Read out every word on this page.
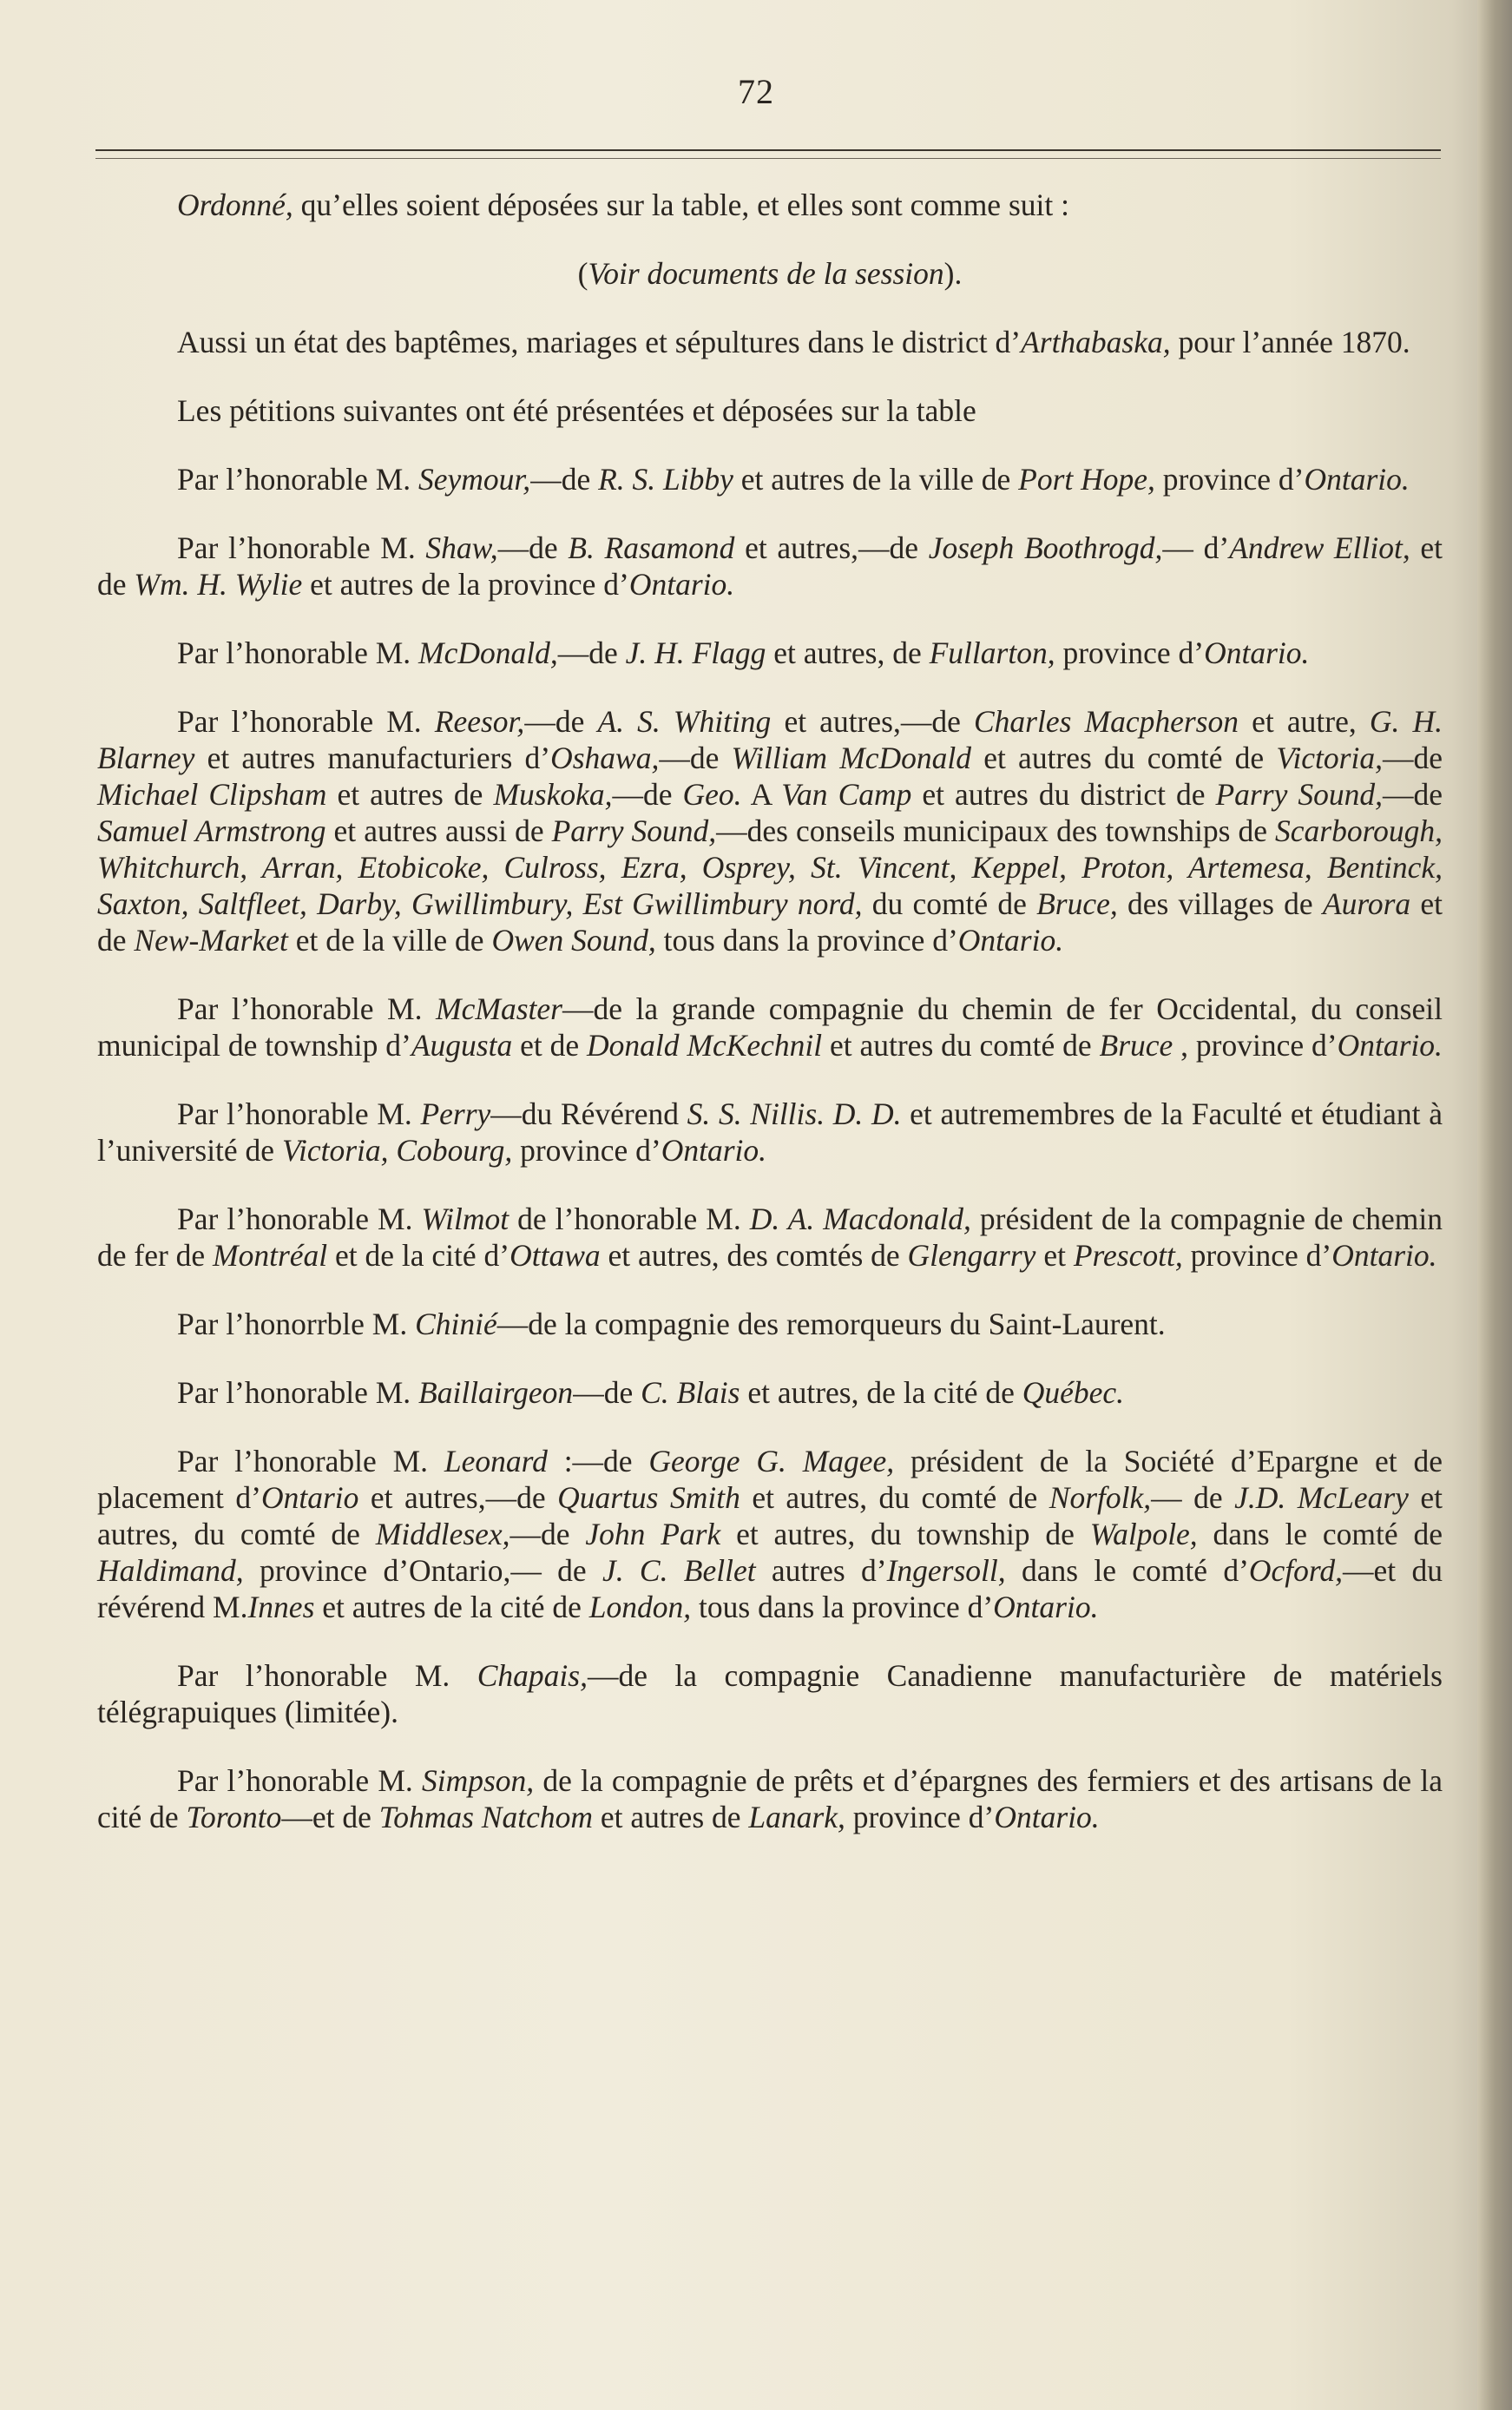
72

Ordonné, qu’elles soient déposées sur la table, et elles sont comme suit :

(Voir documents de la session).

Aussi un état des baptêmes, mariages et sépultures dans le district d’Arthabaska, pour l’année 1870.

Les pétitions suivantes ont été présentées et déposées sur la table

Par l’honorable M. Seymour,—de R. S. Libby et autres de la ville de Port Hope, province d’Ontario.

Par l’honorable M. Shaw,—de B. Rasamond et autres,—de Joseph Boothrogd,— d’Andrew Elliot, et de Wm. H. Wylie et autres de la province d’Ontario.

Par l’honorable M. McDonald,—de J. H. Flagg et autres, de Fullarton, province d’Ontario.

Par l’honorable M. Reesor,—de A. S. Whiting et autres,—de Charles Macpherson et autre, G. H. Blarney et autres manufacturiers d’Oshawa,—de William McDonald et autres du comté de Victoria,—de Michael Clipsham et autres de Muskoka,—de Geo. A Van Camp et autres du district de Parry Sound,—de Samuel Armstrong et autres aussi de Parry Sound,—des conseils municipaux des townships de Scarborough, Whitchurch, Arran, Etobicoke, Culross, Ezra, Osprey, St. Vincent, Keppel, Proton, Artemesa, Bentinck, Saxton, Saltfleet, Darby, Gwillimbury, Est Gwillimbury nord, du comté de Bruce, des villages de Aurora et de New-Market et de la ville de Owen Sound, tous dans la province d’Ontario.

Par l’honorable M. McMaster—de la grande compagnie du chemin de fer Occidental, du conseil municipal de township d’Augusta et de Donald McKechnil et autres du comté de Bruce , province d’Ontario.

Par l’honorable M. Perry—du Révérend S. S. Nillis. D. D. et autremembres de la Faculté et étudiant à l’université de Victoria, Cobourg, province d’Ontario.

Par l’honorable M. Wilmot de l’honorable M. D. A. Macdonald, président de la compagnie de chemin de fer de Montréal et de la cité d’Ottawa et autres, des comtés de Glengarry et Prescott, province d’Ontario.

Par l’honorrble M. Chinié—de la compagnie des remorqueurs du Saint-Laurent.

Par l’honorable M. Baillairgeon—de C. Blais et autres, de la cité de Québec.

Par l’honorable M. Leonard :—de George G. Magee, président de la Société d’Epargne et de placement d’Ontario et autres,—de Quartus Smith et autres, du comté de Norfolk,— de J.D. McLeary et autres, du comté de Middlesex,—de John Park et autres, du township de Walpole, dans le comté de Haldimand, province d’Ontario,— de J. C. Bellet autres d’Ingersoll, dans le comté d’Ocford,—et du révérend M.Innes et autres de la cité de London, tous dans la province d’Ontario.

Par l’honorable M. Chapais,—de la compagnie Canadienne manufacturière de matériels télégrapuiques (limitée).

Par l’honorable M. Simpson, de la compagnie de prêts et d’épargnes des fermiers et des artisans de la cité de Toronto—et de Tohmas Natchom et autres de Lanark, province d’Ontario.
